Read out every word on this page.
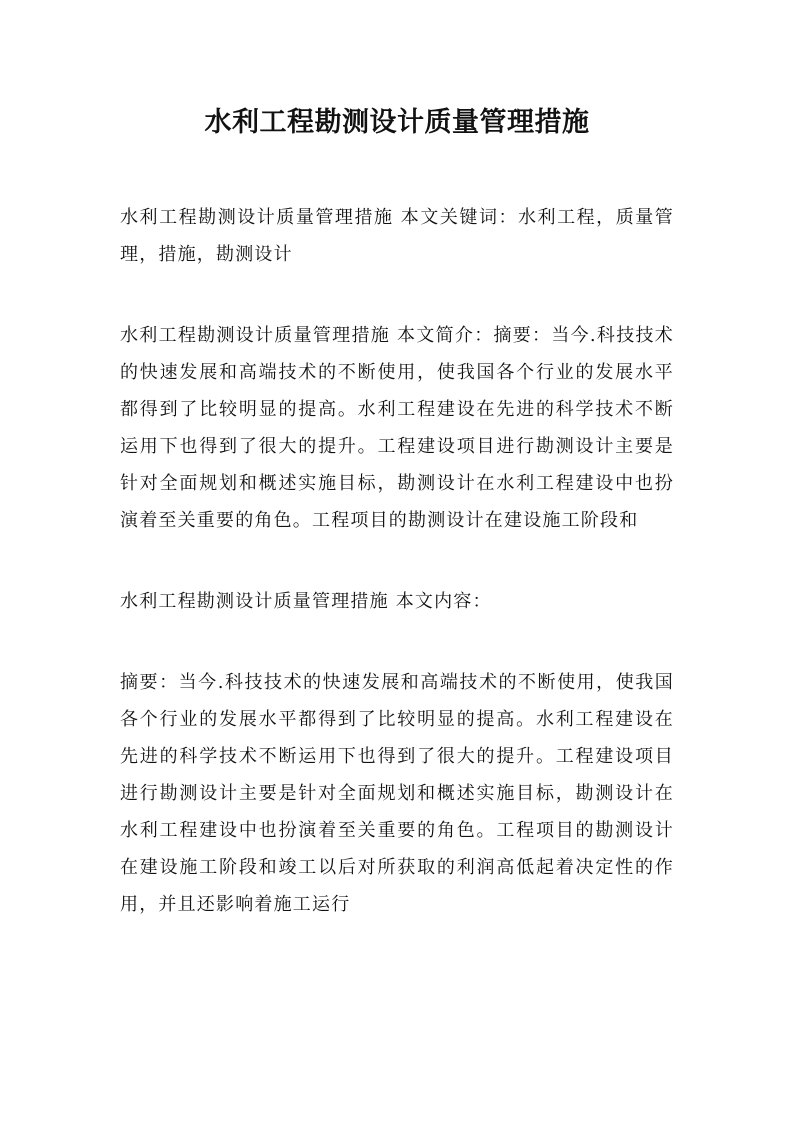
水利工程勘测设计质量管理措施

水利工程勘测设计质量管理措施 本文关键词：水利工程，质量管理，措施，勘测设计

水利工程勘测设计质量管理措施 本文简介：摘要：当今.科技技术的快速发展和高端技术的不断使用，使我国各个行业的发展水平都得到了比较明显的提高。水利工程建设在先进的科学技术不断运用下也得到了很大的提升。工程建设项目进行勘测设计主要是针对全面规划和概述实施目标，勘测设计在水利工程建设中也扮演着至关重要的角色。工程项目的勘测设计在建设施工阶段和

水利工程勘测设计质量管理措施 本文内容：

摘要：当今.科技技术的快速发展和高端技术的不断使用，使我国各个行业的发展水平都得到了比较明显的提高。水利工程建设在先进的科学技术不断运用下也得到了很大的提升。工程建设项目进行勘测设计主要是针对全面规划和概述实施目标，勘测设计在水利工程建设中也扮演着至关重要的角色。工程项目的勘测设计在建设施工阶段和竣工以后对所获取的利润高低起着决定性的作用，并且还影响着施工运行
